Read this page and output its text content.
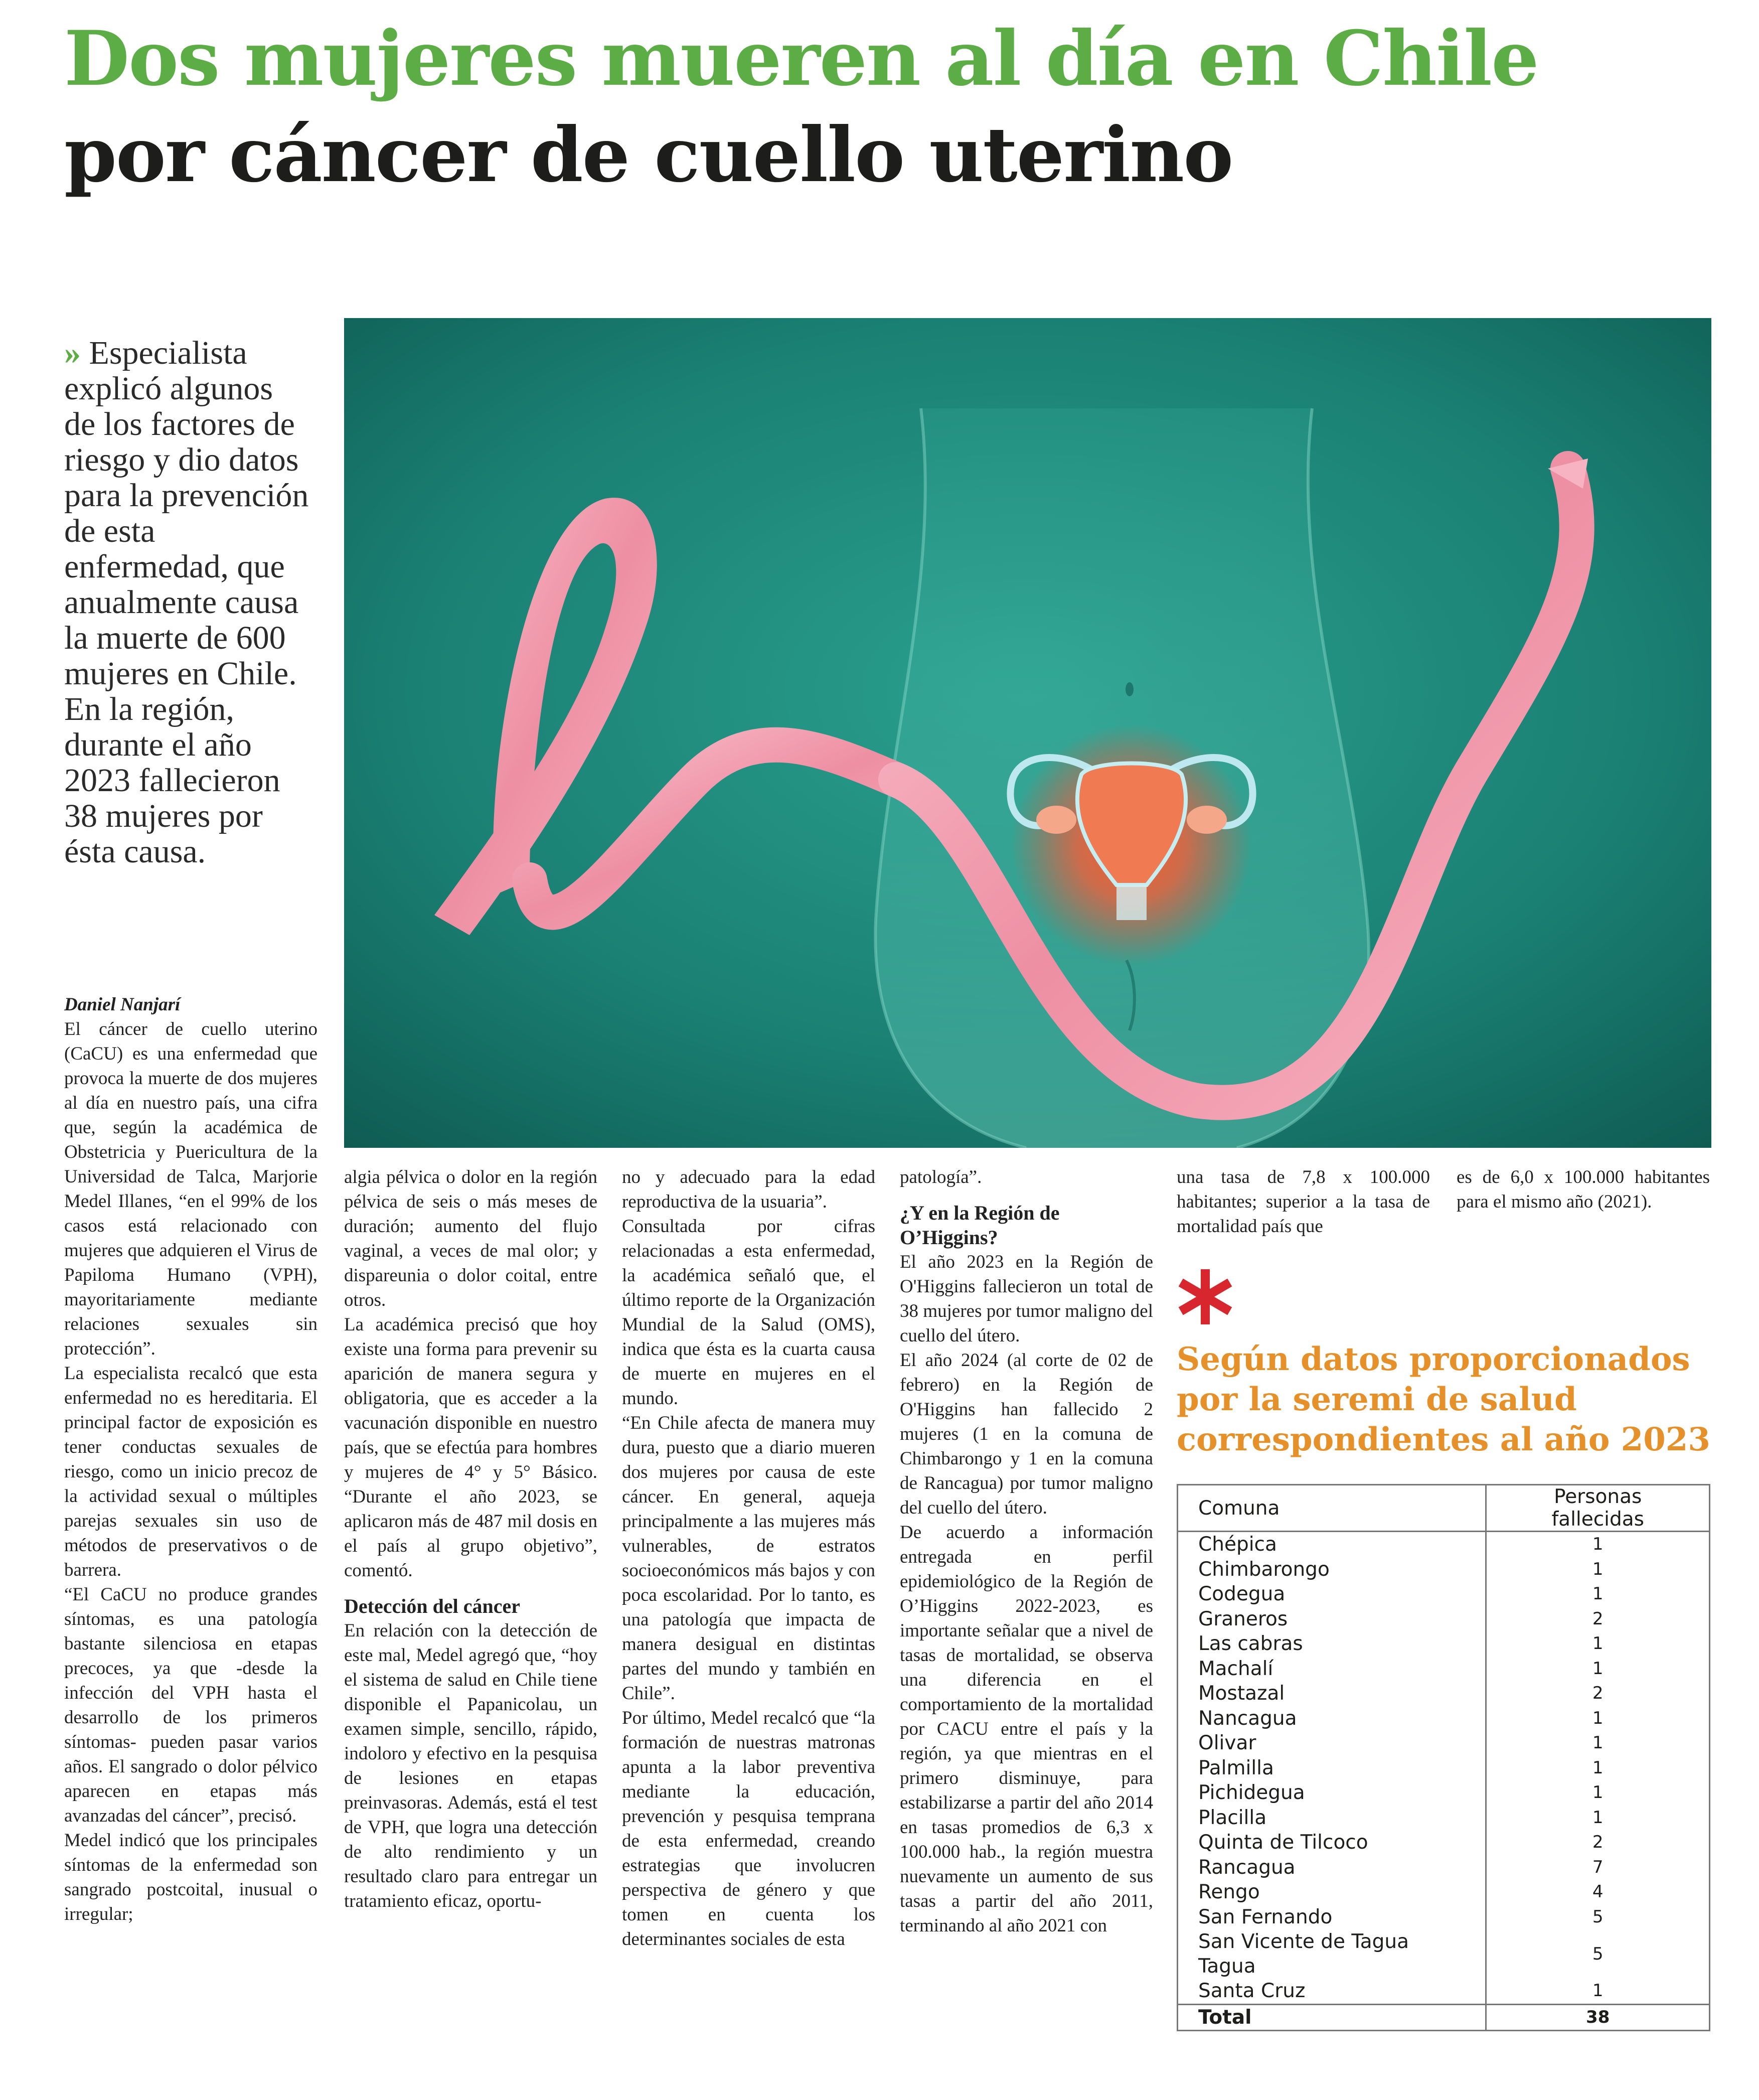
Dos mujeres mueren al día en Chile
por cáncer de cuello uterino
» Especialista explicó algunos de los factores de riesgo y dio datos para la prevención de esta enfermedad, que anualmente causa la muerte de 600 mujeres en Chile. En la región, durante el año 2023 fallecieron 38 mujeres por ésta causa.

Daniel Nanjarí

El cáncer de cuello uterino (CaCU) es una enfermedad que provoca la muerte de dos mujeres al día en nuestro país, una cifra que, según la académica de Obstetricia y Puericultura de la Universidad de Talca, Marjorie Medel Illanes, “en el 99% de los casos está relacionado con mujeres que adquieren el Virus de Papiloma Humano (VPH), mayoritariamente mediante relaciones sexuales sin protección”.

La especialista recalcó que esta enfermedad no es hereditaria. El principal factor de exposición es tener conductas sexuales de riesgo, como un inicio precoz de la actividad sexual o múltiples parejas sexuales sin uso de métodos de preservativos o de barrera.

“El CaCU no produce grandes síntomas, es una patología bastante silenciosa en etapas precoces, ya que -desde la infección del VPH hasta el desarrollo de los primeros síntomas- pueden pasar varios años. El sangrado o dolor pélvico aparecen en etapas más avanzadas del cáncer”, precisó.

Medel indicó que los principales síntomas de la enfermedad son sangrado postcoital, inusual o irregular;

algia pélvica o dolor en la región pélvica de seis o más meses de duración; aumento del flujo vaginal, a veces de mal olor; y dispareunia o dolor coital, entre otros.

La académica precisó que hoy existe una forma para prevenir su aparición de manera segura y obligatoria, que es acceder a la vacunación disponible en nuestro país, que se efectúa para hombres y mujeres de 4° y 5° Básico. “Durante el año 2023, se aplicaron más de 487 mil dosis en el país al grupo objetivo”, comentó.

Detección del cáncer

En relación con la detección de este mal, Medel agregó que, “hoy el sistema de salud en Chile tiene disponible el Papanicolau, un examen simple, sencillo, rápido, indoloro y efectivo en la pesquisa de lesiones en etapas preinvasoras. Además, está el test de VPH, que logra una detección de alto rendimiento y un resultado claro para entregar un tratamiento eficaz, oportu-

no y adecuado para la edad reproductiva de la usuaria”.

Consultada por cifras relacionadas a esta enfermedad, la académica señaló que, el último reporte de la Organización Mundial de la Salud (OMS), indica que ésta es la cuarta causa de muerte en mujeres en el mundo.

“En Chile afecta de manera muy dura, puesto que a diario mueren dos mujeres por causa de este cáncer. En general, aqueja principalmente a las mujeres más vulnerables, de estratos socioeconómicos más bajos y con poca escolaridad. Por lo tanto, es una patología que impacta de manera desigual en distintas partes del mundo y también en Chile”.

Por último, Medel recalcó que “la formación de nuestras matronas apunta a la labor preventiva mediante la educación, prevención y pesquisa temprana de esta enfermedad, creando estrategias que involucren perspectiva de género y que tomen en cuenta los determinantes sociales de esta

patología”.

¿Y en la Región de O’Higgins?

El año 2023 en la Región de O'Higgins fallecieron un total de 38 mujeres por tumor maligno del cuello del útero.

El año 2024 (al corte de 02 de febrero) en la Región de O'Higgins han fallecido 2 mujeres (1 en la comuna de Chimbarongo y 1 en la comuna de Rancagua) por tumor maligno del cuello del útero.

De acuerdo a información entregada en perfil epidemiológico de la Región de O’Higgins 2022-2023, es importante señalar que a nivel de tasas de mortalidad, se observa una diferencia en el comportamiento de la mortalidad por CACU entre el país y la región, ya que mientras en el primero disminuye, para estabilizarse a partir del año 2014 en tasas promedios de 6,3 x 100.000 hab., la región muestra nuevamente un aumento de sus tasas a partir del año 2011, terminando al año 2021 con

una tasa de 7,8 x 100.000 habitantes; superior a la tasa de mortalidad país que

es de 6,0 x 100.000 habitantes para el mismo año (2021).

Según datos proporcionados por la seremi de salud correspondientes al año 2023
Comuna	Personas fallecidas
Chépica	1
Chimbarongo	1
Codegua	1
Graneros	2
Las cabras	1
Machalí	1
Mostazal	2
Nancagua	1
Olivar	1
Palmilla	1
Pichidegua	1
Placilla	1
Quinta de Tilcoco	2
Rancagua	7
Rengo	4
San Fernando	5
San Vicente de Tagua Tagua	5
Santa Cruz	1
Total	38
